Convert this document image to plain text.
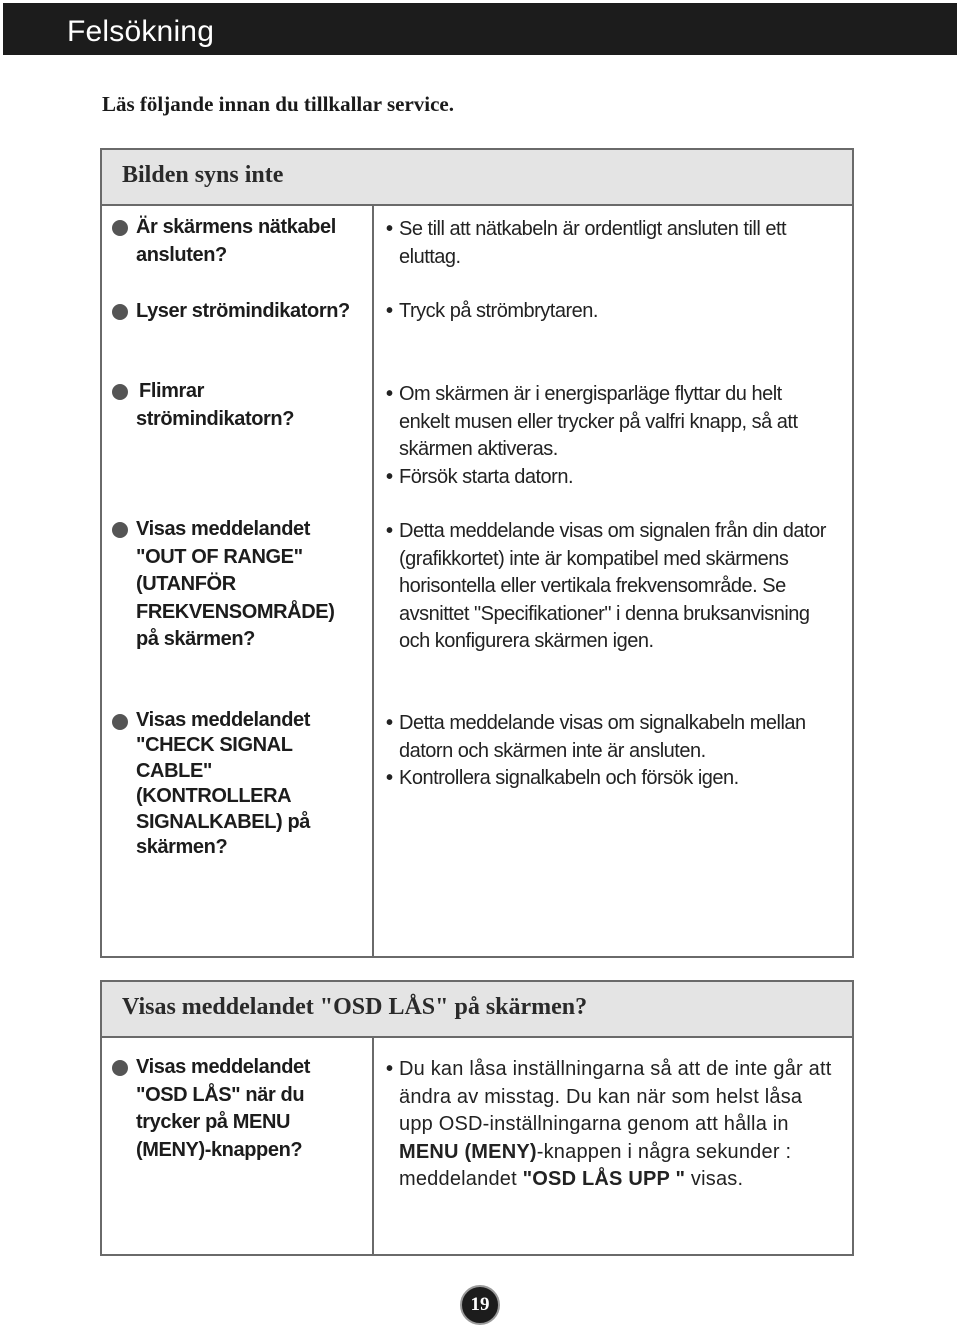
Felsökning
Läs följande innan du tillkallar service.
Bilden syns inte
Är skärmens nätkabel
ansluten?
• Se till att nätkabeln är ordentligt ansluten till ett eluttag.
Lyser strömindikatorn?
•	Tryck på strömbrytaren.
Flimrar
strömindikatorn?
• Om skärmen är i energisparläge flyttar du helt enkelt musen eller trycker på valfri knapp, så att skärmen aktiveras.
• Försök starta datorn.
Visas meddelandet
"OUT OF RANGE"
(UTANFÖR
FREKVENSOMRÅDE)
på skärmen?
• Detta meddelande visas om signalen från din dator (grafikkortet) inte är kompatibel med skärmens horisontella eller vertikala frekvensområde. Se avsnittet "Specifikationer" i denna bruksanvisning och konfigurera skärmen igen.
Visas meddelandet
"CHECK SIGNAL
CABLE"
(KONTROLLERA
SIGNALKABEL) på
skärmen?
• Detta meddelande visas om signalkabeln mellan datorn och skärmen inte är ansluten.
• Kontrollera signalkabeln och försök igen.
Visas meddelandet "OSD LÅS" på skärmen?
Visas meddelandet
"OSD LÅS" när du
trycker på MENU
(MENY)-knappen?
• Du kan låsa inställningarna så att de inte går att ändra av misstag. Du kan när som helst låsa upp OSD-inställningarna genom att hålla in MENU (MENY)-knappen i några sekunder : meddelandet "OSD LÅS UPP " visas.
19
